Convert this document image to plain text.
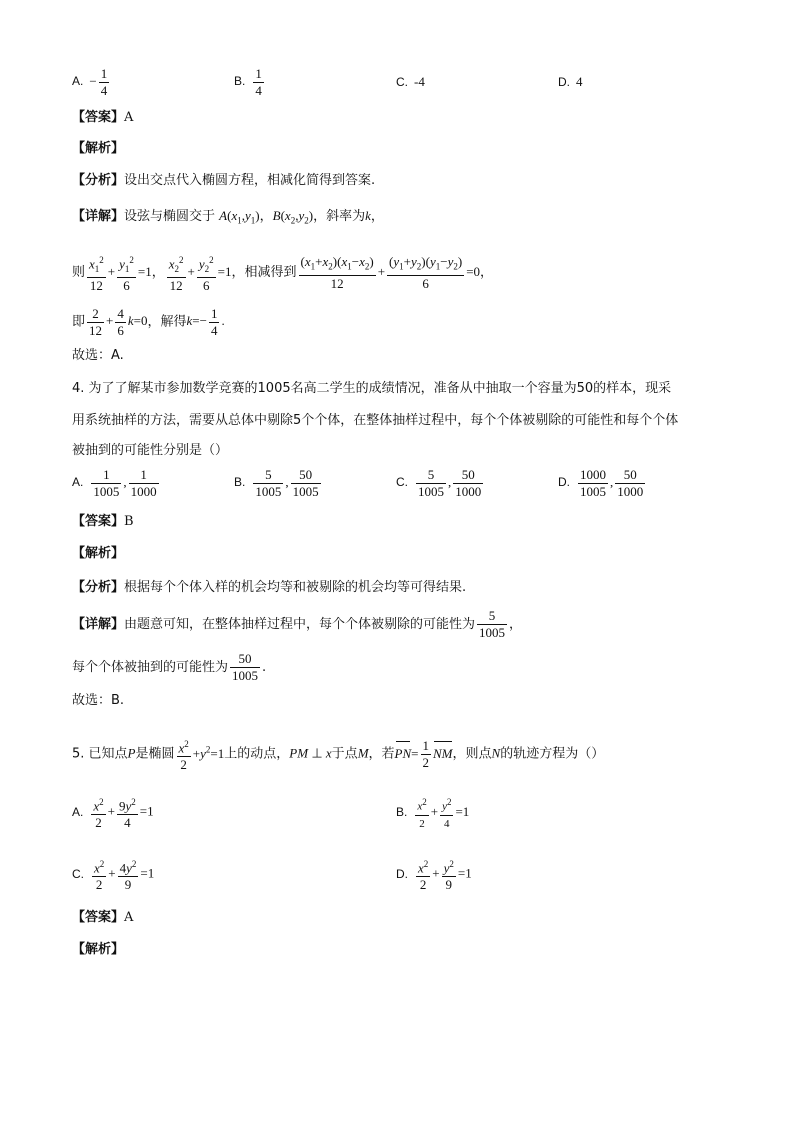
A. − $\frac{1}{4}$	B. $\frac{1}{4}$	C. -4	D. 4
【答案】A
【解析】
【分析】设出交点代入椭圆方程，相减化简得到答案.
【详解】设弦与椭圆交于 $A(x_1,y_1)$，$B(x_2,y_2)$，斜率为k，
则 $\frac{x_1^2}{12} + \frac{y_1^2}{6} =1$， $\frac{x_2^2}{12} + \frac{y_2^2}{6} =1$，相减得到 $\frac{(x_1+x_2)(x_1-x_2)}{12} + \frac{(y_1+y_2)(y_1-y_2)}{6} =0$，
即 $\frac{2}{12} + \frac{4}{6} k=0$，解得$k=- \frac{1}{4}$ .
故选：A.
4. 为了了解某市参加数学竞赛的1005名高二学生的成绩情况，准备从中抽取一个容量为50的样本，现采
用系统抽样的方法，需要从总体中剔除5个个体，在整体抽样过程中，每个个体被剔除的可能性和每个个体
被抽到的可能性分别是（）
A. $\frac{1}{1005}$ , $\frac{1}{1000}$	B. $\frac{5}{1005}$ , $\frac{50}{1005}$	C. $\frac{5}{1005}$ , $\frac{50}{1000}$	D. $\frac{1000}{1005}$ , $\frac{50}{1000}$
【答案】B
【解析】
【分析】根据每个个体入样的机会均等和被剔除的机会均等可得结果.
【详解】由题意可知，在整体抽样过程中，每个个体被剔除的可能性为 $\frac{5}{1005}$ ，
每个个体被抽到的可能性为 $\frac{50}{1005}$ .
故选：B.
5. 已知点P是椭圆 $\frac{x^2}{2} +y^2=1$上的动点，PM ⊥ x于点M，若$PN= \frac{1}{2}$ NM，则点N的轨迹方程为（）
A. $\frac{x^2}{2} + \frac{9y^2}{4} =1$	B. $\frac{x^2}{2} + \frac{y^2}{4} =1$
C. $\frac{x^2}{2} + \frac{4y^2}{9} =1$	D. $\frac{x^2}{2} + \frac{y^2}{9} =1$
【答案】A
【解析】
